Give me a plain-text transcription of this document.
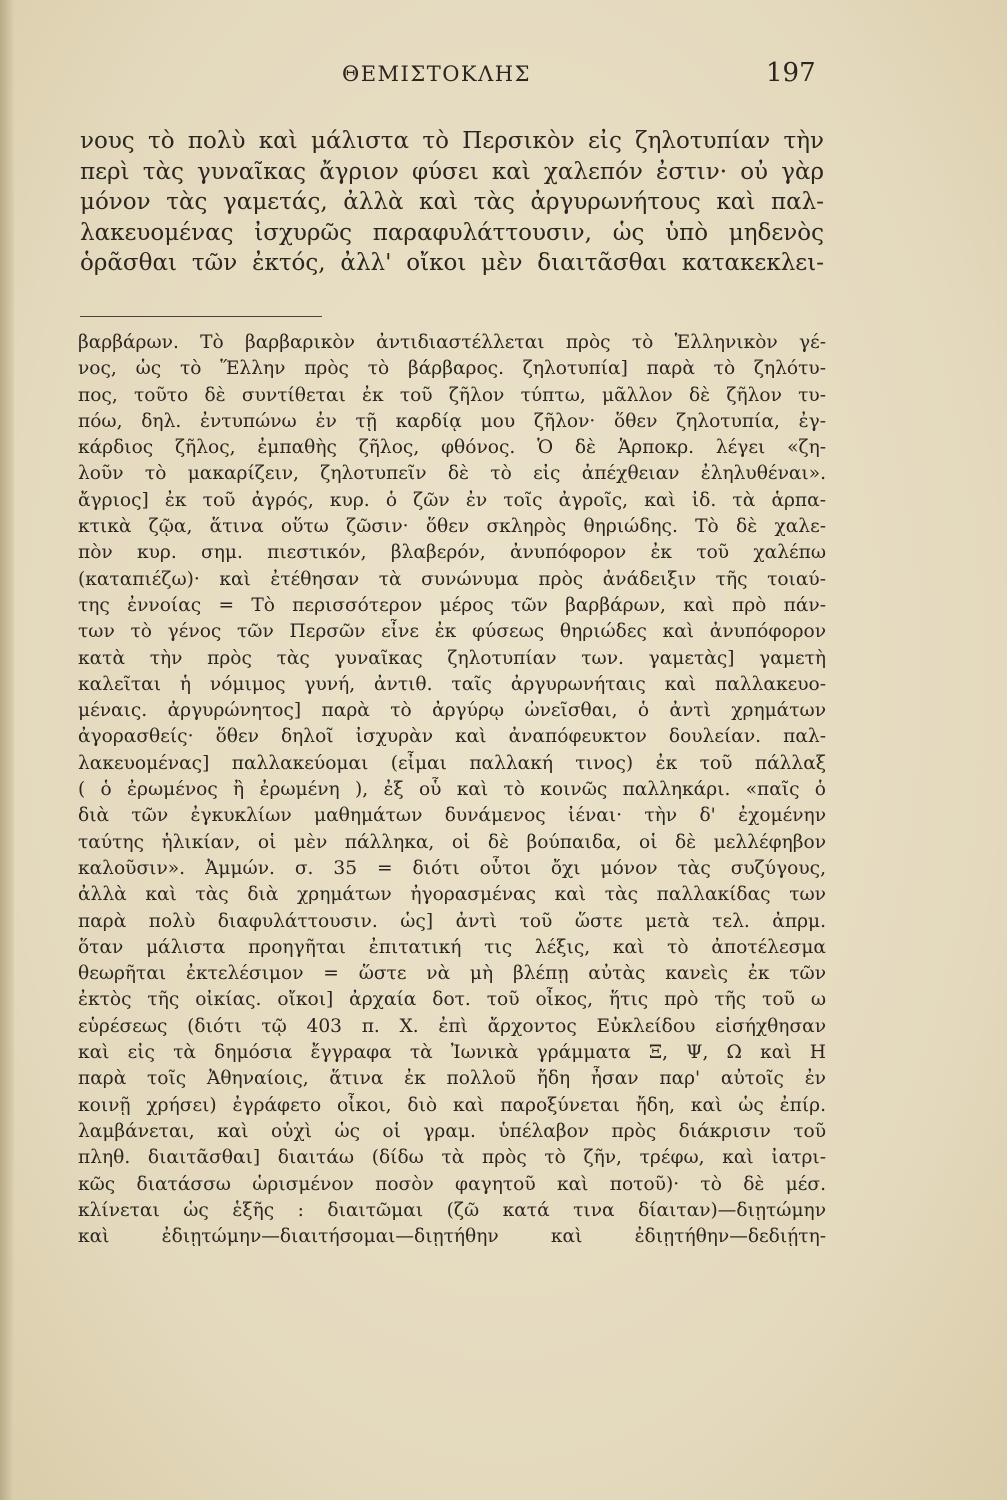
ΘΕΜΙΣΤΟΚΛΗΣ	197
νους τὸ πολὺ καὶ μάλιστα τὸ Περσικὸν εἰς ζηλοτυπίαν τὴν
περὶ τὰς γυναῖκας ἄγριον φύσει καὶ χαλεπόν ἐστιν· οὐ γὰρ
μόνον τὰς γαμετάς, ἀλλὰ καὶ τὰς ἀργυρωνήτους καὶ παλ-
λακευομένας ἰσχυρῶς παραφυλάττουσιν, ὡς ὑπὸ μηδενὸς
ὁρᾶσθαι τῶν ἐκτός, ἀλλ' οἴκοι μὲν διαιτᾶσθαι κατακεκλει-
βαρβάρων. Τὸ βαρβαρικὸν ἀντιδιαστέλλεται πρὸς τὸ Ἑλληνικὸν γέ-
νος, ὡς τὸ Ἕλλην πρὸς τὸ βάρβαρος. ζηλοτυπία] παρὰ τὸ ζηλότυ-
πος, τοῦτο δὲ συντίθεται ἐκ τοῦ ζῆλον τύπτω, μᾶλλον δὲ ζῆλον τυ-
πόω, δηλ. ἐντυπώνω ἐν τῇ καρδίᾳ μου ζῆλον· ὅθεν ζηλοτυπία, ἐγ-
κάρδιος ζῆλος, ἐμπαθὴς ζῆλος, φθόνος. Ὁ δὲ Ἁρποκρ. λέγει «ζη-
λοῦν τὸ μακαρίζειν, ζηλοτυπεῖν δὲ τὸ εἰς ἀπέχθειαν ἐληλυθέναι».
ἄγριος] ἐκ τοῦ ἀγρός, κυρ. ὁ ζῶν ἐν τοῖς ἀγροῖς, καὶ ἰδ. τὰ ἁρπα-
κτικὰ ζῷα, ἅτινα οὕτω ζῶσιν· ὅθεν σκληρὸς θηριώδης. Τὸ δὲ χαλε-
πὸν κυρ. σημ. πιεστικόν, βλαβερόν, ἀνυπόφορον ἐκ τοῦ χαλέπω
(καταπιέζω)· καὶ ἐτέθησαν τὰ συνώνυμα πρὸς ἀνάδειξιν τῆς τοιαύ-
της ἐννοίας = Τὸ περισσότερον μέρος τῶν βαρβάρων, καὶ πρὸ πάν-
των τὸ γένος τῶν Περσῶν εἶνε ἐκ φύσεως θηριώδες καὶ ἀνυπόφορον
κατὰ τὴν πρὸς τὰς γυναῖκας ζηλοτυπίαν των. γαμετὰς] γαμετὴ
καλεῖται ἡ νόμιμος γυνή, ἀντιθ. ταῖς ἀργυρωνήταις καὶ παλλακευο-
μέναις. ἀργυρώνητος] παρὰ τὸ ἀργύρῳ ὠνεῖσθαι, ὁ ἀντὶ χρημάτων
ἀγορασθείς· ὅθεν δηλοῖ ἰσχυρὰν καὶ ἀναπόφευκτον δουλείαν. παλ-
λακευομένας] παλλακεύομαι (εἶμαι παλλακή τινος) ἐκ τοῦ πάλλαξ
( ὁ ἐρωμένος ἢ ἐρωμένη ), ἐξ οὗ καὶ τὸ κοινῶς παλληκάρι. «παῖς ὁ
διὰ τῶν ἐγκυκλίων μαθημάτων δυνάμενος ἰέναι· τὴν δ' ἐχομένην
ταύτης ἡλικίαν, οἱ μὲν πάλληκα, οἱ δὲ βούπαιδα, οἱ δὲ μελλέφηβον
καλοῦσιν». Ἀμμών. σ. 35 = διότι οὗτοι ὄχι μόνον τὰς συζύγους,
ἀλλὰ καὶ τὰς διὰ χρημάτων ἠγορασμένας καὶ τὰς παλλακίδας των
παρὰ πολὺ διαφυλάττουσιν. ὡς] ἀντὶ τοῦ ὥστε μετὰ τελ. ἀπρμ.
ὅταν μάλιστα προηγῆται ἐπιτατική τις λέξις, καὶ τὸ ἀποτέλεσμα
θεωρῆται ἐκτελέσιμον = ὥστε νὰ μὴ βλέπῃ αὐτὰς κανεὶς ἐκ τῶν
ἐκτὸς τῆς οἰκίας. οἴκοι] ἀρχαία δοτ. τοῦ οἶκος, ἥτις πρὸ τῆς τοῦ ω
εὑρέσεως (διότι τῷ 403 π. Χ. ἐπὶ ἄρχοντος Εὐκλείδου εἰσήχθησαν
καὶ εἰς τὰ δημόσια ἔγγραφα τὰ Ἰωνικὰ γράμματα Ξ, Ψ, Ω καὶ Η
παρὰ τοῖς Ἀθηναίοις, ἅτινα ἐκ πολλοῦ ἤδη ἦσαν παρ' αὐτοῖς ἐν
κοινῇ χρήσει) ἐγράφετο οἶκοι, διὸ καὶ παροξύνεται ἤδη, καὶ ὡς ἐπίρ.
λαμβάνεται, καὶ οὐχὶ ὡς οἱ γραμ. ὑπέλαβον πρὸς διάκρισιν τοῦ
πληθ. διαιτᾶσθαι] διαιτάω (δίδω τὰ πρὸς τὸ ζῆν, τρέφω, καὶ ἰατρι-
κῶς διατάσσω ὡρισμένον ποσὸν φαγητοῦ καὶ ποτοῦ)· τὸ δὲ μέσ.
κλίνεται ὡς ἑξῆς : διαιτῶμαι (ζῶ κατά τινα δίαιταν)—διῃτώμην
καὶ ἐδιῃτώμην—διαιτήσομαι—διῃτήθην καὶ ἐδιῃτήθην—δεδιῄτη-
